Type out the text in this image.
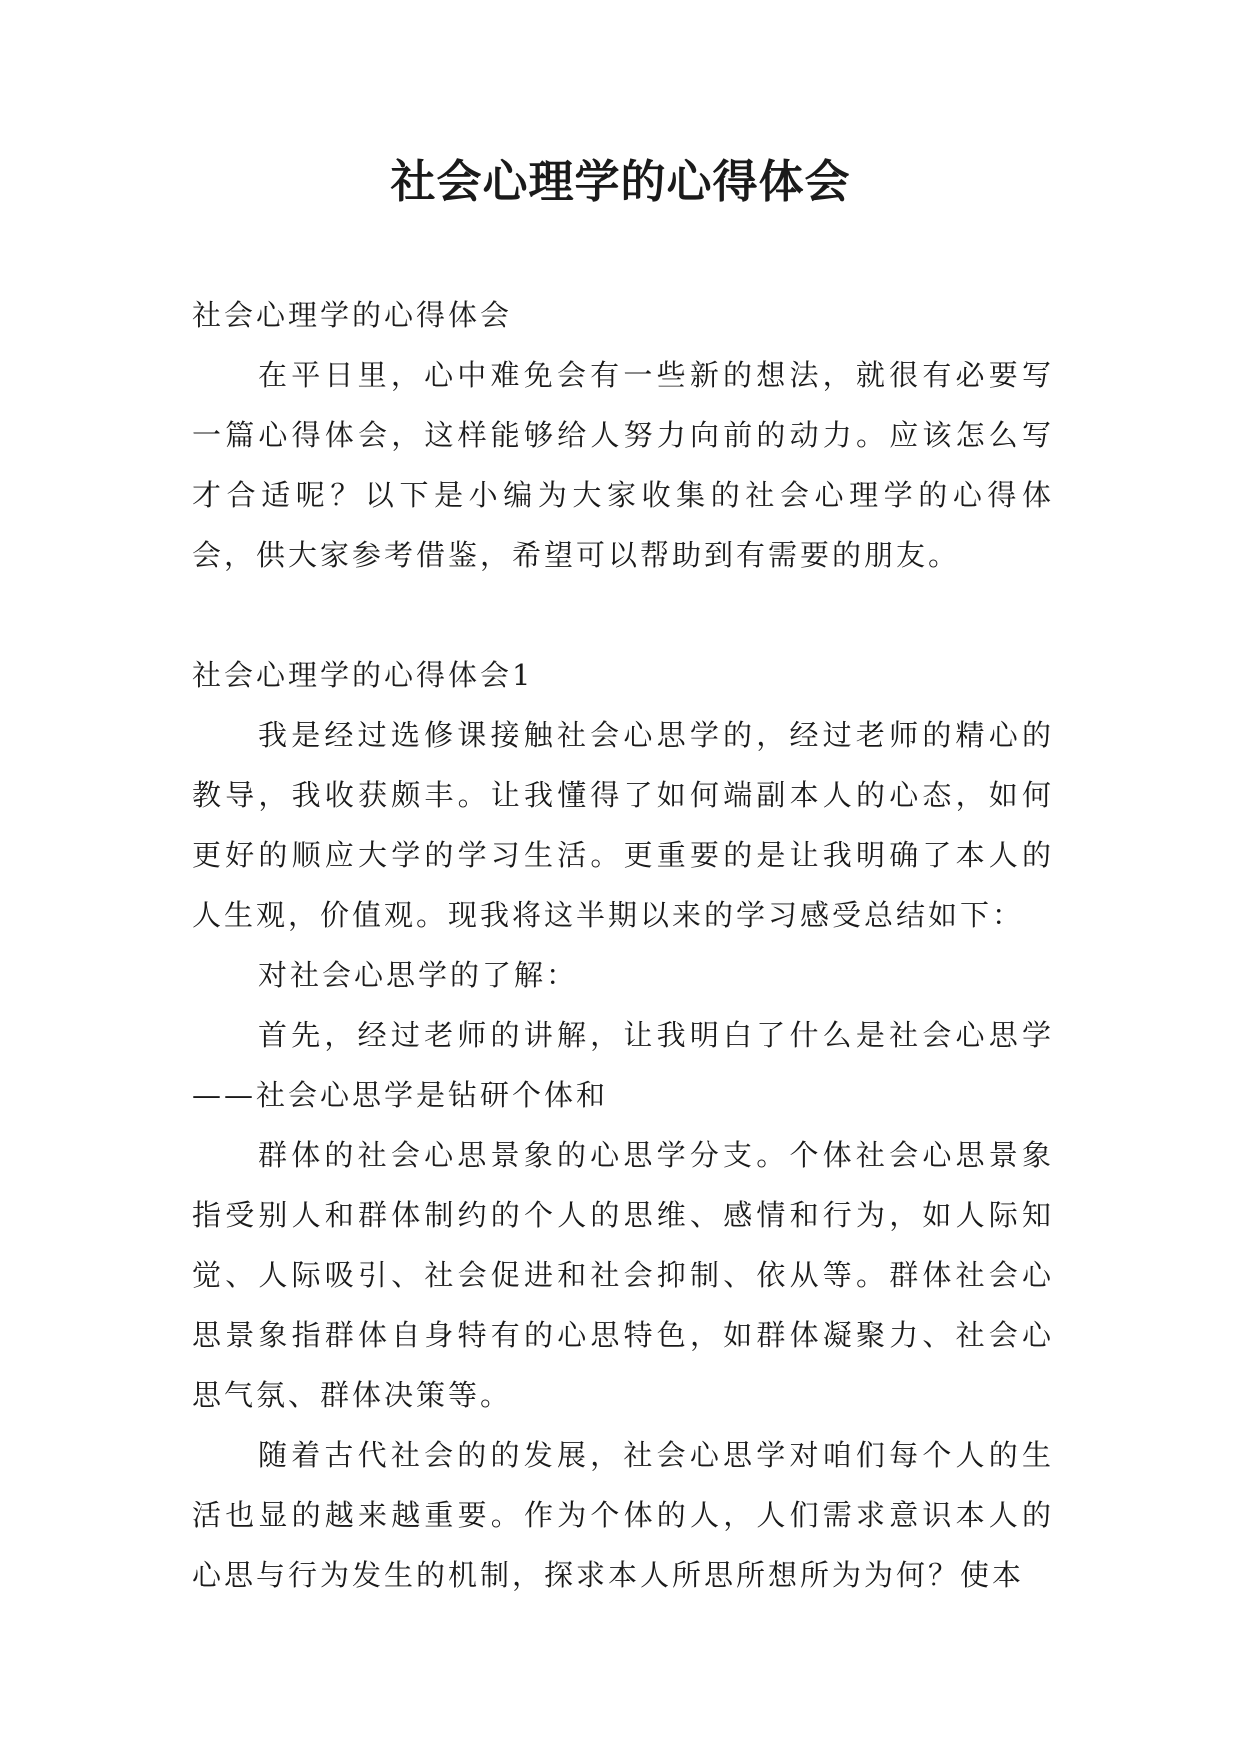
社会心理学的心得体会

社会心理学的心得体会

在平日里，心中难免会有一些新的想法，就很有必要写一篇心得体会，这样能够给人努力向前的动力。应该怎么写才合适呢？以下是小编为大家收集的社会心理学的心得体会，供大家参考借鉴，希望可以帮助到有需要的朋友。

社会心理学的心得体会1

我是经过选修课接触社会心思学的，经过老师的精心的教导，我收获颇丰。让我懂得了如何端副本人的心态，如何更好的顺应大学的学习生活。更重要的是让我明确了本人的人生观，价值观。现我将这半期以来的学习感受总结如下：

对社会心思学的了解：

首先，经过老师的讲解，让我明白了什么是社会心思学——社会心思学是钻研个体和

群体的社会心思景象的心思学分支。个体社会心思景象指受别人和群体制约的个人的思维、感情和行为，如人际知觉、人际吸引、社会促进和社会抑制、依从等。群体社会心思景象指群体自身特有的心思特色，如群体凝聚力、社会心思气氛、群体决策等。

随着古代社会的的发展，社会心思学对咱们每个人的生活也显的越来越重要。作为个体的人，人们需求意识本人的心思与行为发生的机制，探求本人所思所想所为为何？使本
